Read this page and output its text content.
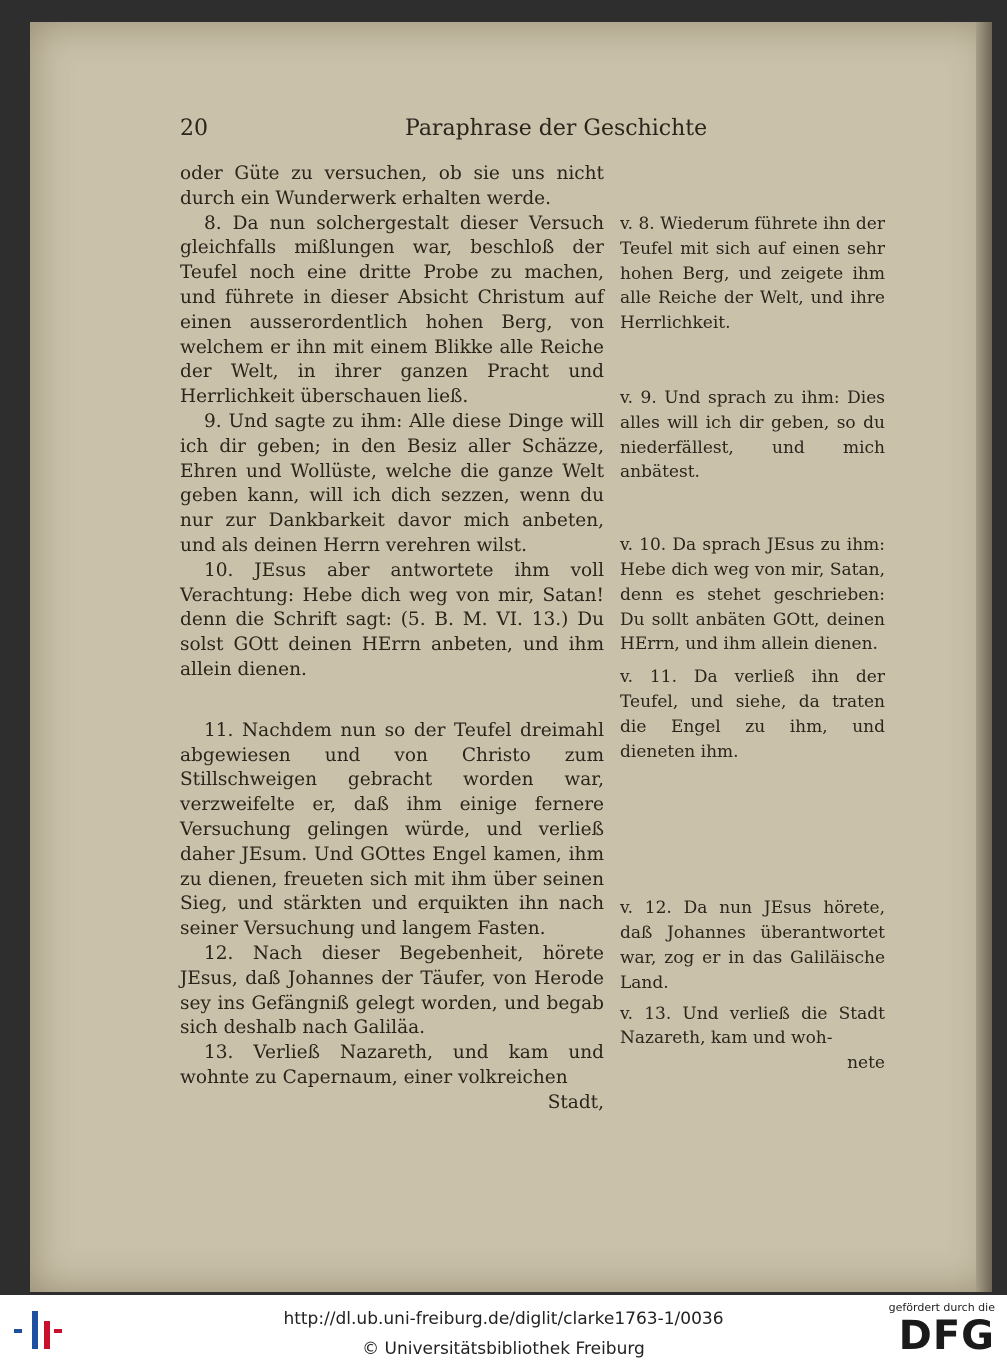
20	Paraphrase der Geschichte

oder Güte zu versuchen, ob sie uns nicht durch ein Wunderwerk erhalten werde.

8. Da nun solchergestalt dieser Versuch gleichfalls mißlungen war, beschloß der Teufel noch eine dritte Probe zu machen, und führete in dieser Absicht Christum auf einen ausserordentlich hohen Berg, von welchem er ihn mit einem Blikke alle Reiche der Welt, in ihrer ganzen Pracht und Herrlichkeit überschauen ließ.

9. Und sagte zu ihm: Alle diese Dinge will ich dir geben; in den Besiz aller Schäzze, Ehren und Wollüste, welche die ganze Welt geben kann, will ich dich sezzen, wenn du nur zur Dankbarkeit davor mich anbeten, und als deinen Herrn verehren wilst.

10. JEsus aber antwortete ihm voll Verachtung: Hebe dich weg von mir, Satan! denn die Schrift sagt: (5. B. M. VI. 13.) Du solst GOtt deinen HErrn anbeten, und ihm allein dienen.

11. Nachdem nun so der Teufel dreimahl abgewiesen und von Christo zum Stillschweigen gebracht worden war, verzweifelte er, daß ihm einige fernere Versuchung gelingen würde, und verließ daher JEsum. Und GOttes Engel kamen, ihm zu dienen, freueten sich mit ihm über seinen Sieg, und stärkten und erquikten ihn nach seiner Versuchung und langem Fasten.

12. Nach dieser Begebenheit, hörete JEsus, daß Johannes der Täufer, von Herode sey ins Gefängniß gelegt worden, und begab sich deshalb nach Galiläa.

13. Verließ Nazareth, und kam und wohnte zu Capernaum, einer volkreichen

Stadt,

v. 8. Wiederum führete ihn der Teufel mit sich auf einen sehr hohen Berg, und zeigete ihm alle Reiche der Welt, und ihre Herrlichkeit.

v. 9. Und sprach zu ihm: Dies alles will ich dir geben, so du niederfällest, und mich anbätest.

v. 10. Da sprach JEsus zu ihm: Hebe dich weg von mir, Satan, denn es stehet geschrieben: Du sollt anbäten GOtt, deinen HErrn, und ihm allein dienen.

v. 11. Da verließ ihn der Teufel, und siehe, da traten die Engel zu ihm, und dieneten ihm.

v. 12. Da nun JEsus hörete, daß Johannes überantwortet war, zog er in das Galiläische Land.

v. 13. Und verließ die Stadt Nazareth, kam und woh-

nete

http://dl.ub.uni-freiburg.de/diglit/clarke1763-1/0036
© Universitätsbibliothek Freiburg
gefördert durch die
DFG
